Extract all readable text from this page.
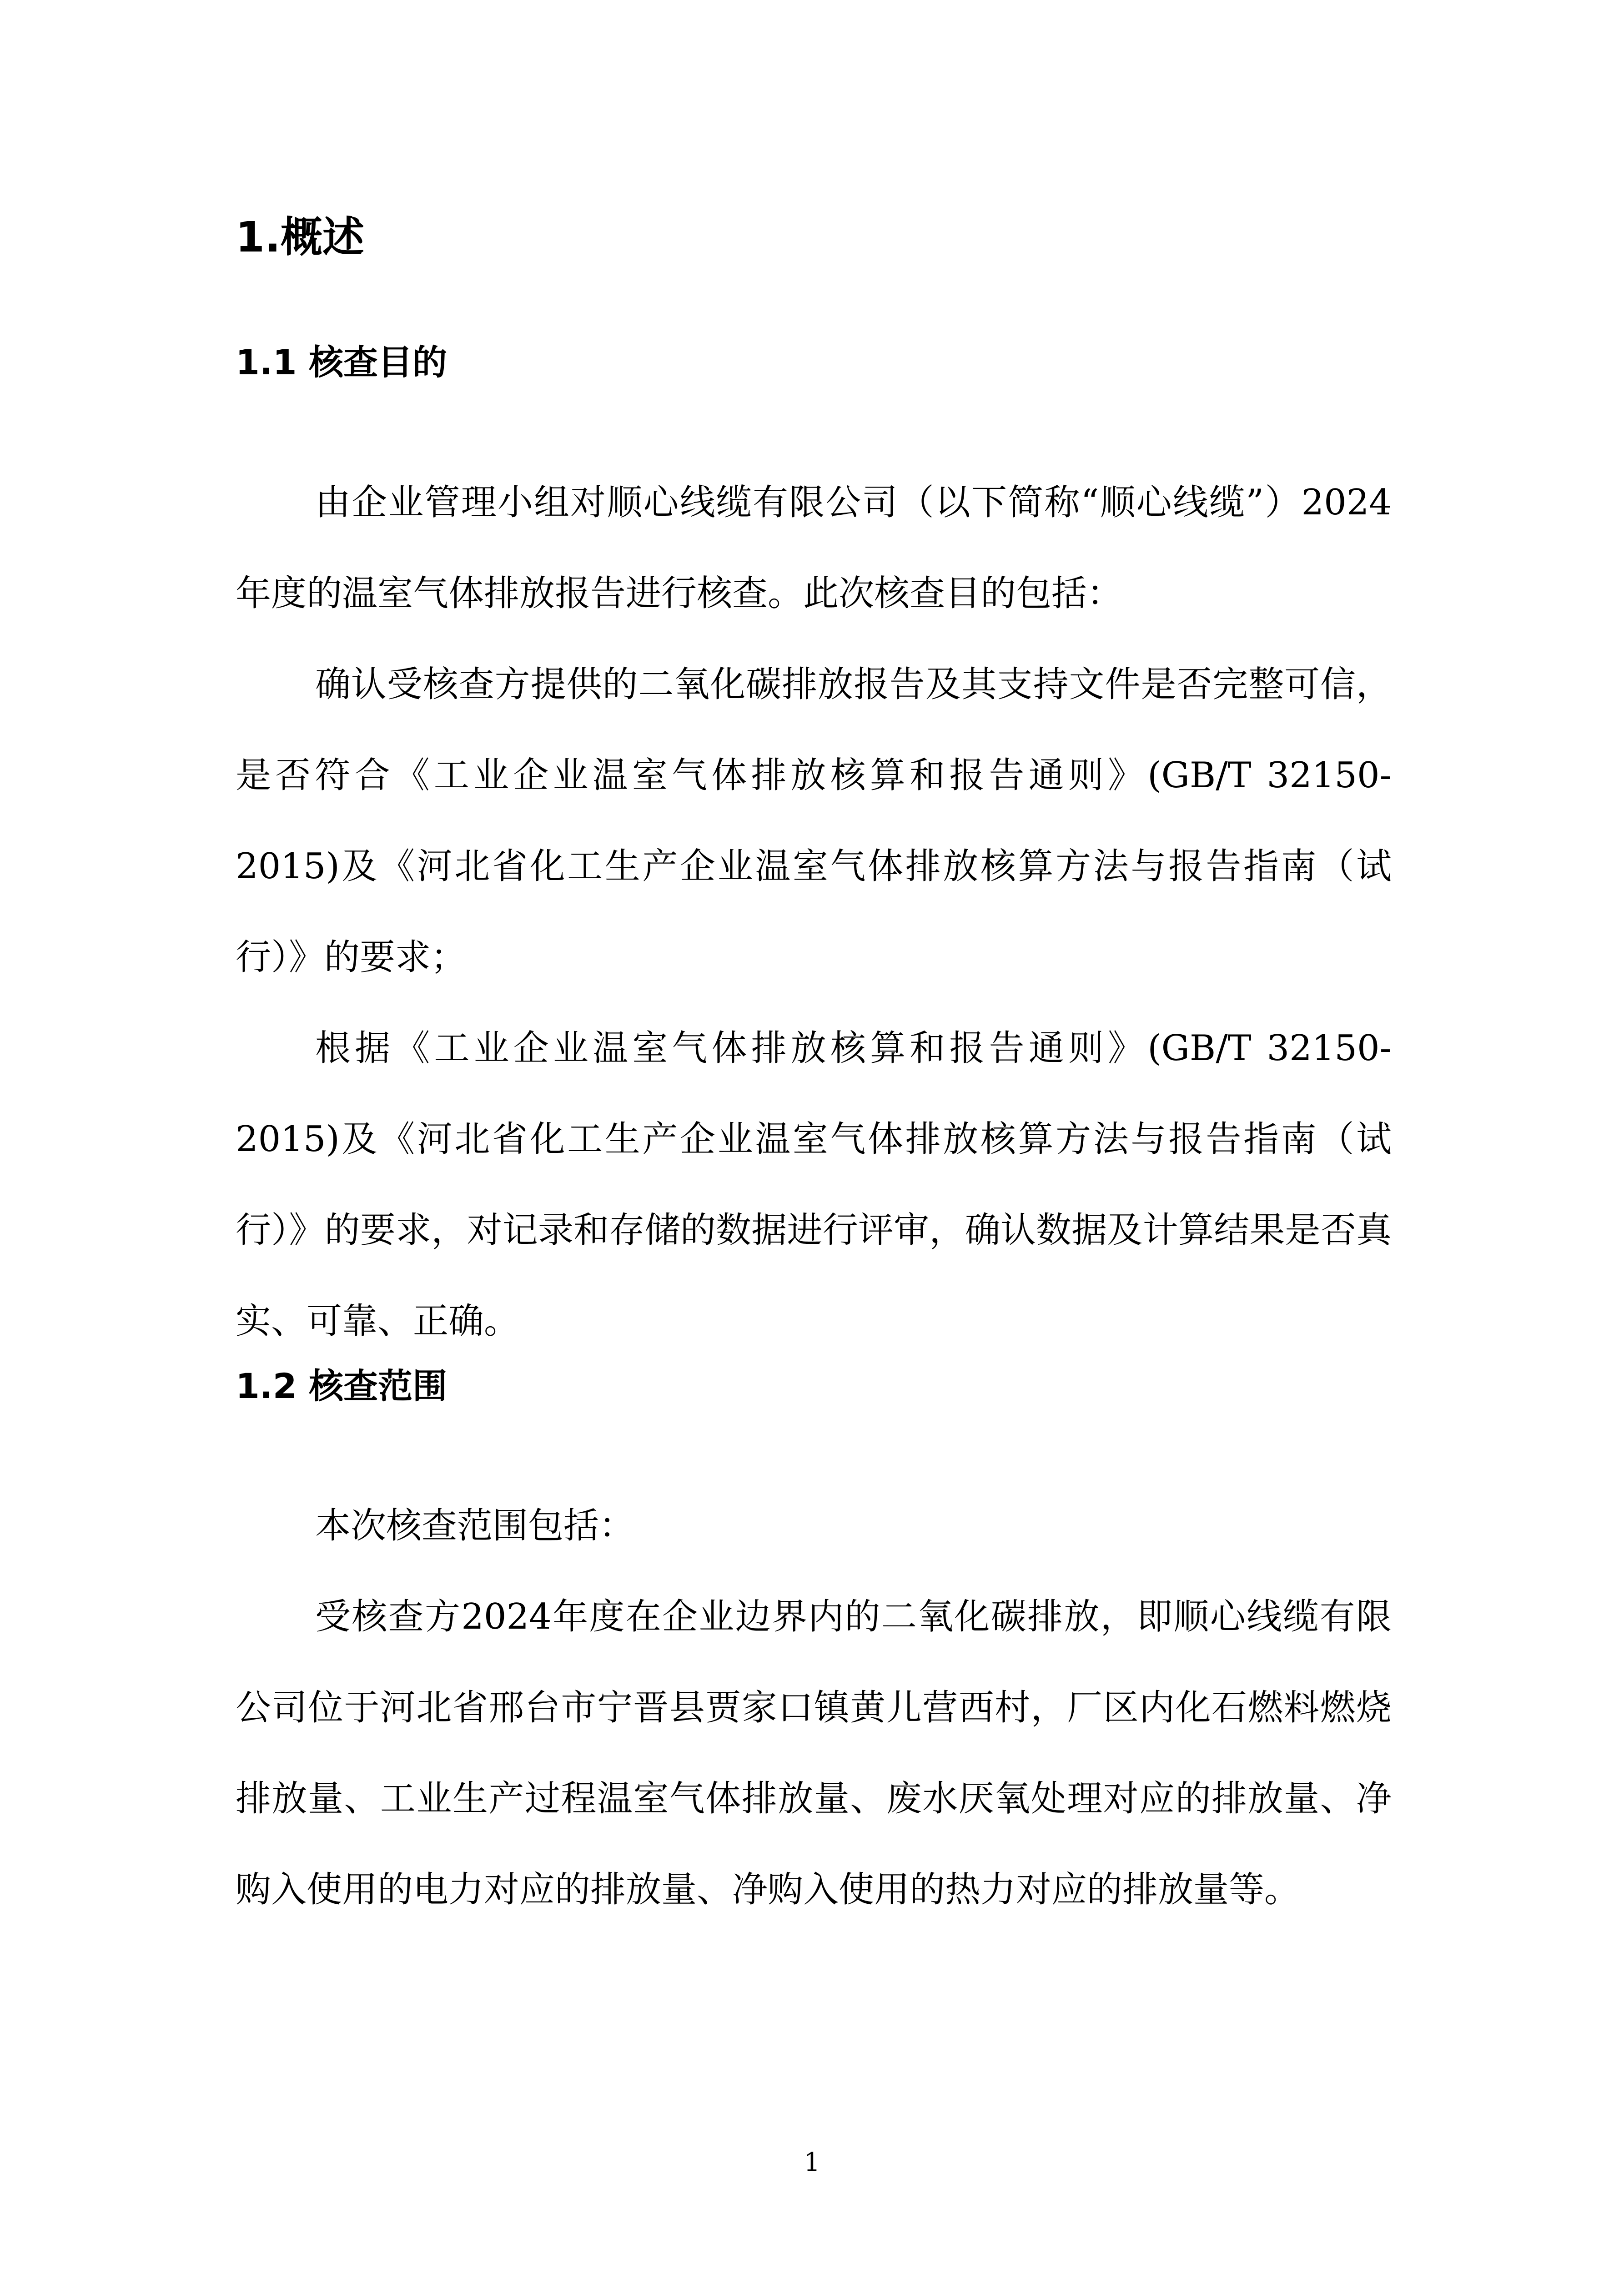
1.概述
1.1 核查目的

由企业管理小组对顺心线缆有限公司（以下简称“顺心线缆”）2024年度的温室气体排放报告进行核查。此次核查目的包括：

确认受核查方提供的二氧化碳排放报告及其支持文件是否完整可信，是否符合《工业企业温室气体排放核算和报告通则》(GB/T 32150-2015)及《河北省化工生产企业温室气体排放核算方法与报告指南（试行）》的要求；

根据《工业企业温室气体排放核算和报告通则》(GB/T 32150-2015)及《河北省化工生产企业温室气体排放核算方法与报告指南（试行）》的要求，对记录和存储的数据进行评审，确认数据及计算结果是否真实、可靠、正确。

1.2 核查范围

本次核查范围包括：

受核查方2024年度在企业边界内的二氧化碳排放，即顺心线缆有限公司位于河北省邢台市宁晋县贾家口镇黄儿营西村，厂区内化石燃料燃烧排放量、工业生产过程温室气体排放量、废水厌氧处理对应的排放量、净购入使用的电力对应的排放量、净购入使用的热力对应的排放量等。

1
